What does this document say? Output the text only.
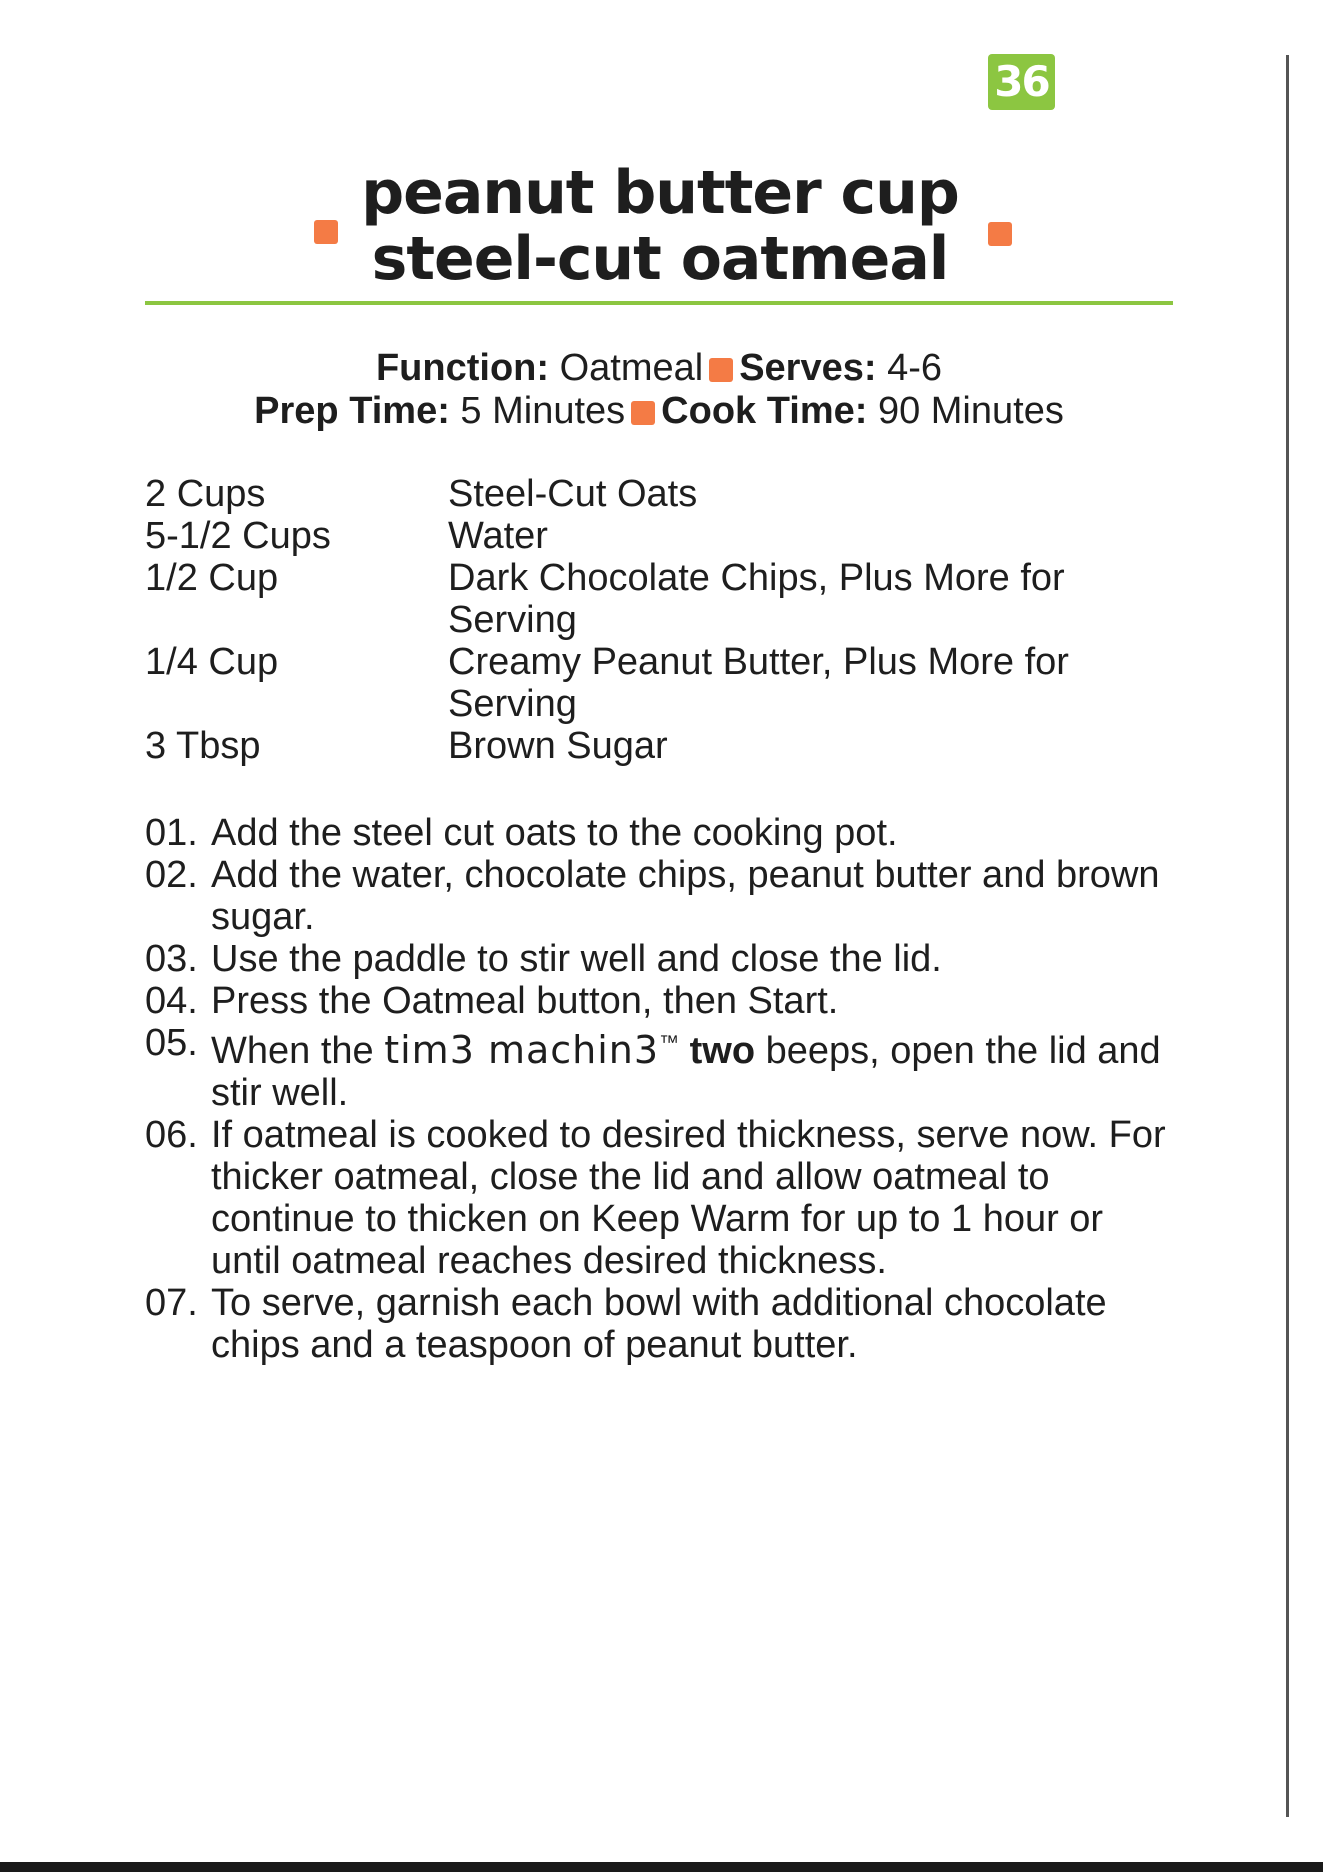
36
peanut butter cup
steel-cut oatmeal
Function: Oatmeal Serves: 4-6
Prep Time: 5 Minutes Cook Time: 90 Minutes
2 Cups	Steel-Cut Oats
5-1/2 Cups	Water
1/2 Cup	Dark Chocolate Chips, Plus More for Serving
1/4 Cup	Creamy Peanut Butter, Plus More for Serving
3 Tbsp	Brown Sugar
01. Add the steel cut oats to the cooking pot.
02. Add the water, chocolate chips, peanut butter and brown sugar.
03. Use the paddle to stir well and close the lid.
04. Press the Oatmeal button, then Start.
05. When the tim3 machin3™ two beeps, open the lid and stir well.
06. If oatmeal is cooked to desired thickness, serve now. For thicker oatmeal, close the lid and allow oatmeal to continue to thicken on Keep Warm for up to 1 hour or until oatmeal reaches desired thickness.
07. To serve, garnish each bowl with additional chocolate chips and a teaspoon of peanut butter.
